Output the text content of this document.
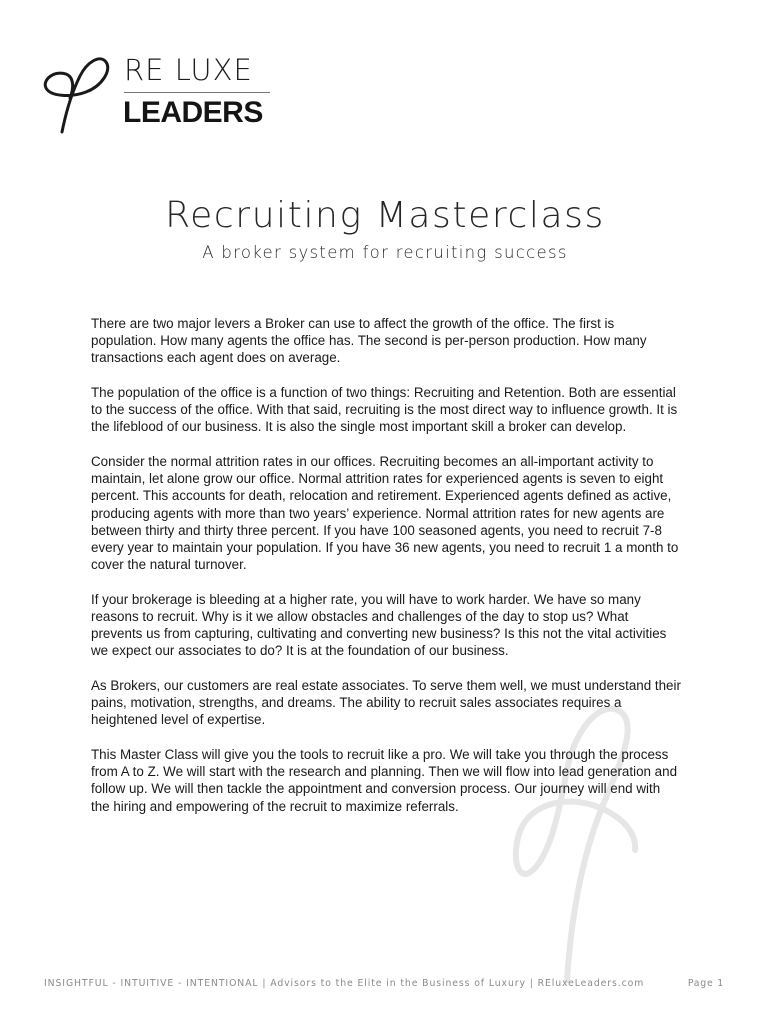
RE LUXE
LEADERS
Recruiting Masterclass
A broker system for recruiting success

There are two major levers a Broker can use to affect the growth of the office. The first is population. How many agents the office has. The second is per-person production. How many transactions each agent does on average.

The population of the office is a function of two things: Recruiting and Retention. Both are essential to the success of the office. With that said, recruiting is the most direct way to influence growth. It is the lifeblood of our business. It is also the single most important skill a broker can develop.

Consider the normal attrition rates in our offices. Recruiting becomes an all-important activity to maintain, let alone grow our office. Normal attrition rates for experienced agents is seven to eight percent. This accounts for death, relocation and retirement. Experienced agents defined as active, producing agents with more than two years’ experience. Normal attrition rates for new agents are between thirty and thirty three percent. If you have 100 seasoned agents, you need to recruit 7-8 every year to maintain your population. If you have 36 new agents, you need to recruit 1 a month to cover the natural turnover.

If your brokerage is bleeding at a higher rate, you will have to work harder. We have so many reasons to recruit. Why is it we allow obstacles and challenges of the day to stop us? What prevents us from capturing, cultivating and converting new business? Is this not the vital activities we expect our associates to do? It is at the foundation of our business.

As Brokers, our customers are real estate associates. To serve them well, we must understand their pains, motivation, strengths, and dreams. The ability to recruit sales associates requires a heightened level of expertise.

This Master Class will give you the tools to recruit like a pro. We will take you through the process from A to Z. We will start with the research and planning. Then we will flow into lead generation and follow up. We will then tackle the appointment and conversion process. Our journey will end with the hiring and empowering of the recruit to maximize referrals.

INSIGHTFUL - INTUITIVE - INTENTIONAL | Advisors to the Elite in the Business of Luxury | REluxeLeaders.com	Page 1
